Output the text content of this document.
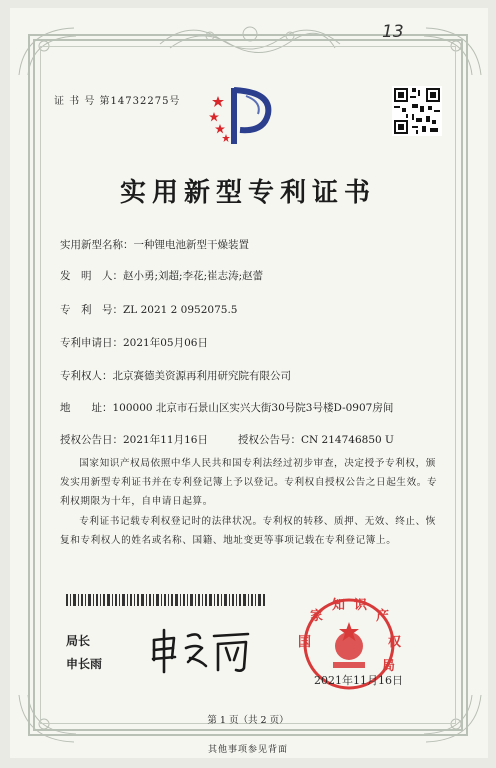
13
证 书 号 第14732275号
实用新型专利证书
实用新型名称：一种锂电池新型干燥装置
发　明　人：赵小勇;刘超;李花;崔志涛;赵蕾
专　利　号：ZL 2021 2 0952075.5
专利申请日：2021年05月06日
专利权人：北京赛德美资源再利用研究院有限公司
地　　址：100000 北京市石景山区实兴大街30号院3号楼D-0907房间
授权公告日：2021年11月16日	授权公告号：CN 214746850 U
国家知识产权局依照中华人民共和国专利法经过初步审查，决定授予专利权，颁发实用新型专利证书并在专利登记簿上予以登记。专利权自授权公告之日起生效。专利权期限为十年，自申请日起算。
专利证书记载专利权登记时的法律状况。专利权的转移、质押、无效、终止、恢复和专利权人的姓名或名称、国籍、地址变更等事项记载在专利登记簿上。
局长
申长雨
国
家
知 识
产
权
局
2021年11月16日
第 1 页（共 2 页）
其他事项参见背面
